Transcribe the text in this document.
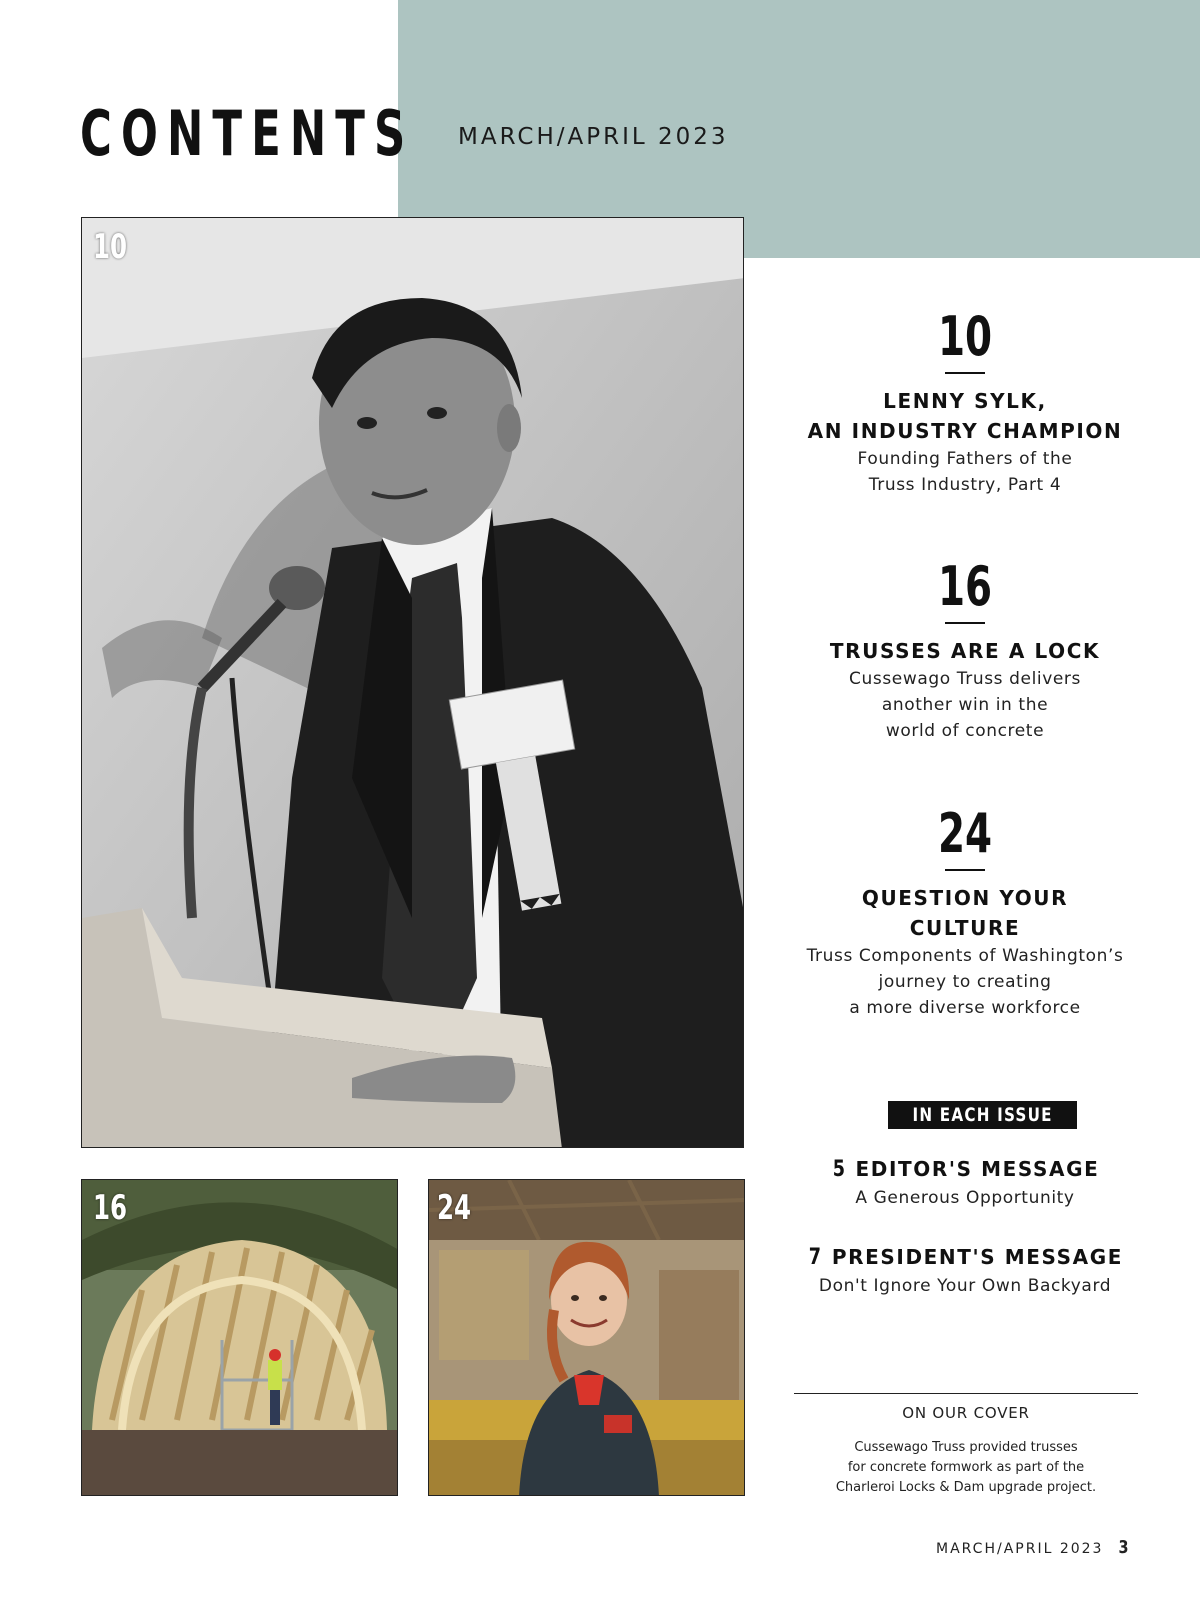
CONTENTS MARCH/APRIL 2023
10
16	24
10
LENNY SYLK,
AN INDUSTRY CHAMPION
Founding Fathers of the
Truss Industry, Part 4
16
TRUSSES ARE A LOCK
Cussewago Truss delivers
another win in the
world of concrete
24
QUESTION YOUR
CULTURE
Truss Components of Washington’s
journey to creating
a more diverse workforce
IN EACH ISSUE
5 EDITOR'S MESSAGE
A Generous Opportunity
7 PRESIDENT'S MESSAGE
Don't Ignore Your Own Backyard
ON OUR COVER
Cussewago Truss provided trusses
for concrete formwork as part of the
Charleroi Locks & Dam upgrade project.
MARCH/APRIL 2023 3
